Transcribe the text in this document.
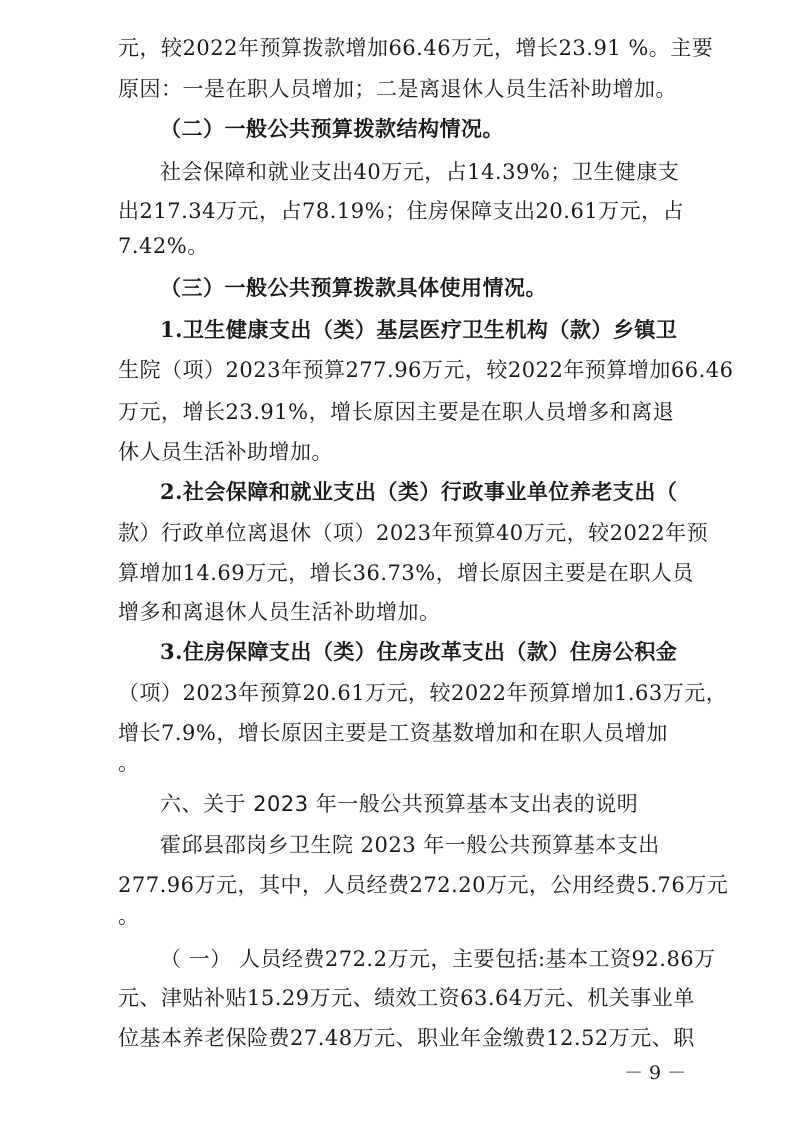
元，较2022年预算拨款增加66.46万元，增长23.91 %。主要
原因：一是在职人员增加；二是离退休人员生活补助增加。
（二）一般公共预算拨款结构情况。
社会保障和就业支出40万元，占14.39%；卫生健康支
出217.34万元，占78.19%；住房保障支出20.61万元，占
7.42%。
（三）一般公共预算拨款具体使用情况。
1.卫生健康支出（类）基层医疗卫生机构（款）乡镇卫
生院（项）2023年预算277.96万元，较2022年预算增加66.46
万元，增长23.91%，增长原因主要是在职人员增多和离退
休人员生活补助增加。
2.社会保障和就业支出（类）行政事业单位养老支出（
款）行政单位离退休（项）2023年预算40万元，较2022年预
算增加14.69万元，增长36.73%，增长原因主要是在职人员
增多和离退休人员生活补助增加。
3.住房保障支出（类）住房改革支出（款）住房公积金
（项）2023年预算20.61万元，较2022年预算增加1.63万元，
增长7.9%，增长原因主要是工资基数增加和在职人员增加
。
六、关于 2023 年一般公共预算基本支出表的说明
霍邱县邵岗乡卫生院 2023 年一般公共预算基本支出
277.96万元，其中，人员经费272.20万元，公用经费5.76万元
。
（ 一） 人员经费272.2万元，主要包括:基本工资92.86万
元、津贴补贴15.29万元、绩效工资63.64万元、机关事业单
位基本养老保险费27.48万元、职业年金缴费12.52万元、职
－ 9 －
